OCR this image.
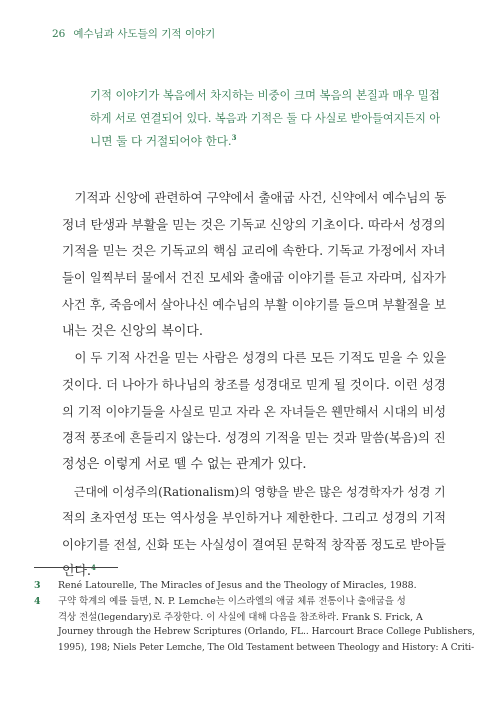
26 예수님과 사도들의 기적 이야기
기적 이야기가 복음에서 차지하는 비중이 크며 복음의 본질과 매우 밀접
하게 서로 연결되어 있다. 복음과 기적은 둘 다 사실로 받아들여지든지 아
니면 둘 다 거절되어야 한다.$^3$
기적과 신앙에 관련하여 구약에서 출애굽 사건, 신약에서 예수님의 동
정녀 탄생과 부활을 믿는 것은 기독교 신앙의 기초이다. 따라서 성경의
기적을 믿는 것은 기독교의 핵심 교리에 속한다. 기독교 가정에서 자녀
들이 일찍부터 물에서 건진 모세와 출애굽 이야기를 듣고 자라며, 십자가
사건 후, 죽음에서 살아나신 예수님의 부활 이야기를 들으며 부활절을 보
내는 것은 신앙의 복이다.
이 두 기적 사건을 믿는 사람은 성경의 다른 모든 기적도 믿을 수 있을
것이다. 더 나아가 하나님의 창조를 성경대로 믿게 될 것이다. 이런 성경
의 기적 이야기들을 사실로 믿고 자라 온 자녀들은 웬만해서 시대의 비성
경적 풍조에 흔들리지 않는다. 성경의 기적을 믿는 것과 말씀(복음)의 진
정성은 이렇게 서로 뗄 수 없는 관계가 있다.
근대에 이성주의(Rationalism)의 영향을 받은 많은 성경학자가 성경 기
적의 초자연성 또는 역사성을 부인하거나 제한한다. 그리고 성경의 기적
이야기를 전설, 신화 또는 사실성이 결여된 문학적 창작품 정도로 받아들
인다.$^4$
3 René Latourelle, The Miracles of Jesus and the Theology of Miracles, 1988.
4 구약 학계의 예를 들면, N. P. Lemche는 이스라엘의 애굽 체류 전통이나 출애굽을 성
격상 전설(legendary)로 주장한다. 이 사실에 대해 다음을 참조하라. Frank S. Frick, A
Journey through the Hebrew Scriptures (Orlando, FL.. Harcourt Brace College Publishers,
1995), 198; Niels Peter Lemche, The Old Testament between Theology and History: A Criti-
